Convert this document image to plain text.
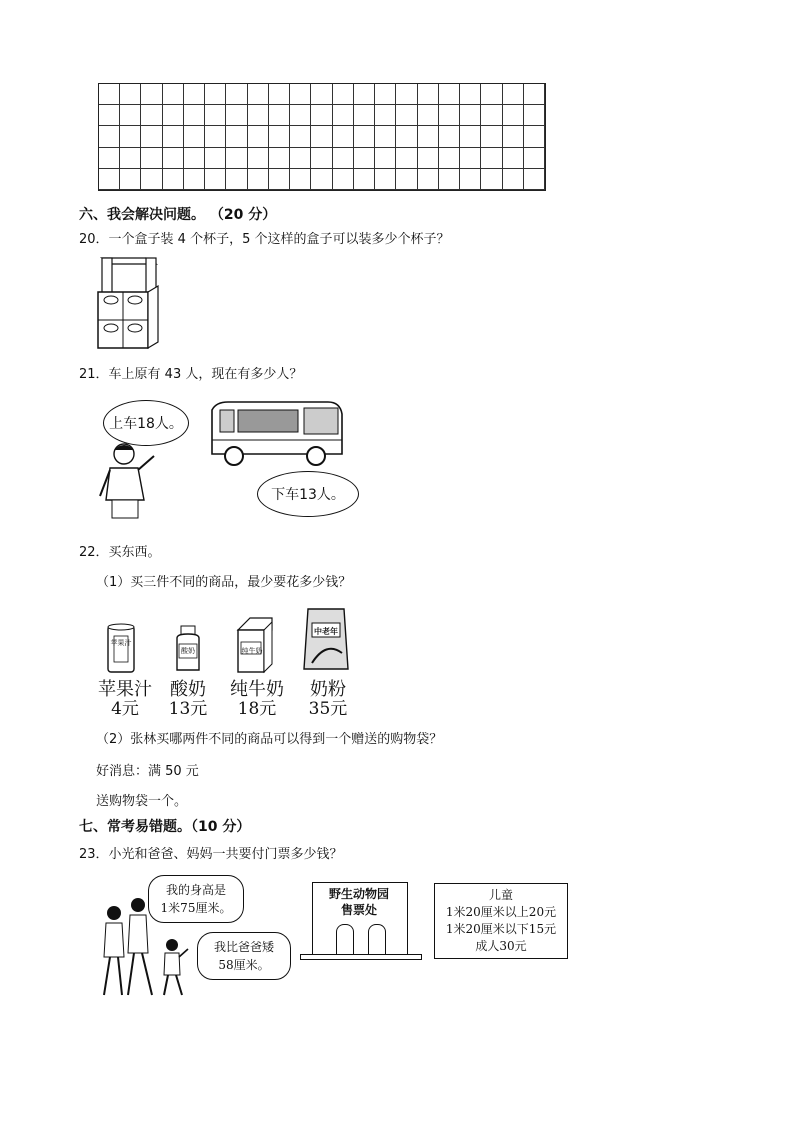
六、我会解决问题。 （20 分）
20．一个盒子装 4 个杯子，5 个这样的盒子可以装多少个杯子？
21．车上原有 43 人，现在有多少人？
上车18人。
下车13人。
22．买东西。
（1）买三件不同的商品，最少要花多少钱？
苹果汁
酸奶	纯牛奶
中老年
苹果汁	酸奶	纯牛奶	奶粉
4元	13元	18元	35元
（2）张林买哪两件不同的商品可以得到一个赠送的购物袋？
好消息：满 50 元
送购物袋一个。
七、常考易错题。（10 分）
23．小光和爸爸、妈妈一共要付门票多少钱？
我的身高是
1米75厘米。
我比爸爸矮
58厘米。
野生动物园
售票处
儿童
1米20厘米以上20元
1米20厘米以下15元
成人30元
